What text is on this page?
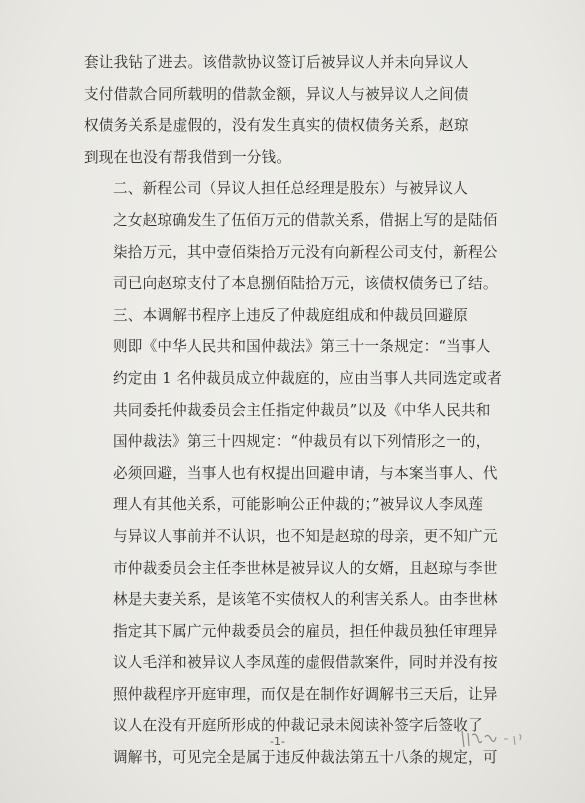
套让我钻了进去。该借款协议签订后被异议人并未向异议人
支付借款合同所载明的借款金额，异议人与被异议人之间债
权债务关系是虚假的，没有发生真实的债权债务关系，赵琼
到现在也没有帮我借到一分钱。

二、新程公司（异议人担任总经理是股东）与被异议人
之女赵琼确发生了伍佰万元的借款关系，借据上写的是陆佰
柒拾万元，其中壹佰柒拾万元没有向新程公司支付，新程公
司已向赵琼支付了本息捌佰陆拾万元，该债权债务已了结。

三、本调解书程序上违反了仲裁庭组成和仲裁员回避原
则即《中华人民共和国仲裁法》第三十一条规定：“当事人
约定由 1 名仲裁员成立仲裁庭的，应由当事人共同选定或者
共同委托仲裁委员会主任指定仲裁员”以及《中华人民共和
国仲裁法》第三十四规定：“仲裁员有以下列情形之一的，
必须回避，当事人也有权提出回避申请，与本案当事人、代
理人有其他关系，可能影响公正仲裁的；”被异议人李凤莲
与异议人事前并不认识，也不知是赵琼的母亲，更不知广元
市仲裁委员会主任李世林是被异议人的女婿，且赵琼与李世
林是夫妻关系，是该笔不实债权人的利害关系人。由李世林
指定其下属广元仲裁委员会的雇员，担任仲裁员独任审理异
议人毛洋和被异议人李凤莲的虚假借款案件，同时并没有按
照仲裁程序开庭审理，而仅是在制作好调解书三天后，让异
议人在没有开庭所形成的仲裁记录未阅读补签字后签收了
调解书，可见完全是属于违反仲裁法第五十八条的规定，可

-1-
